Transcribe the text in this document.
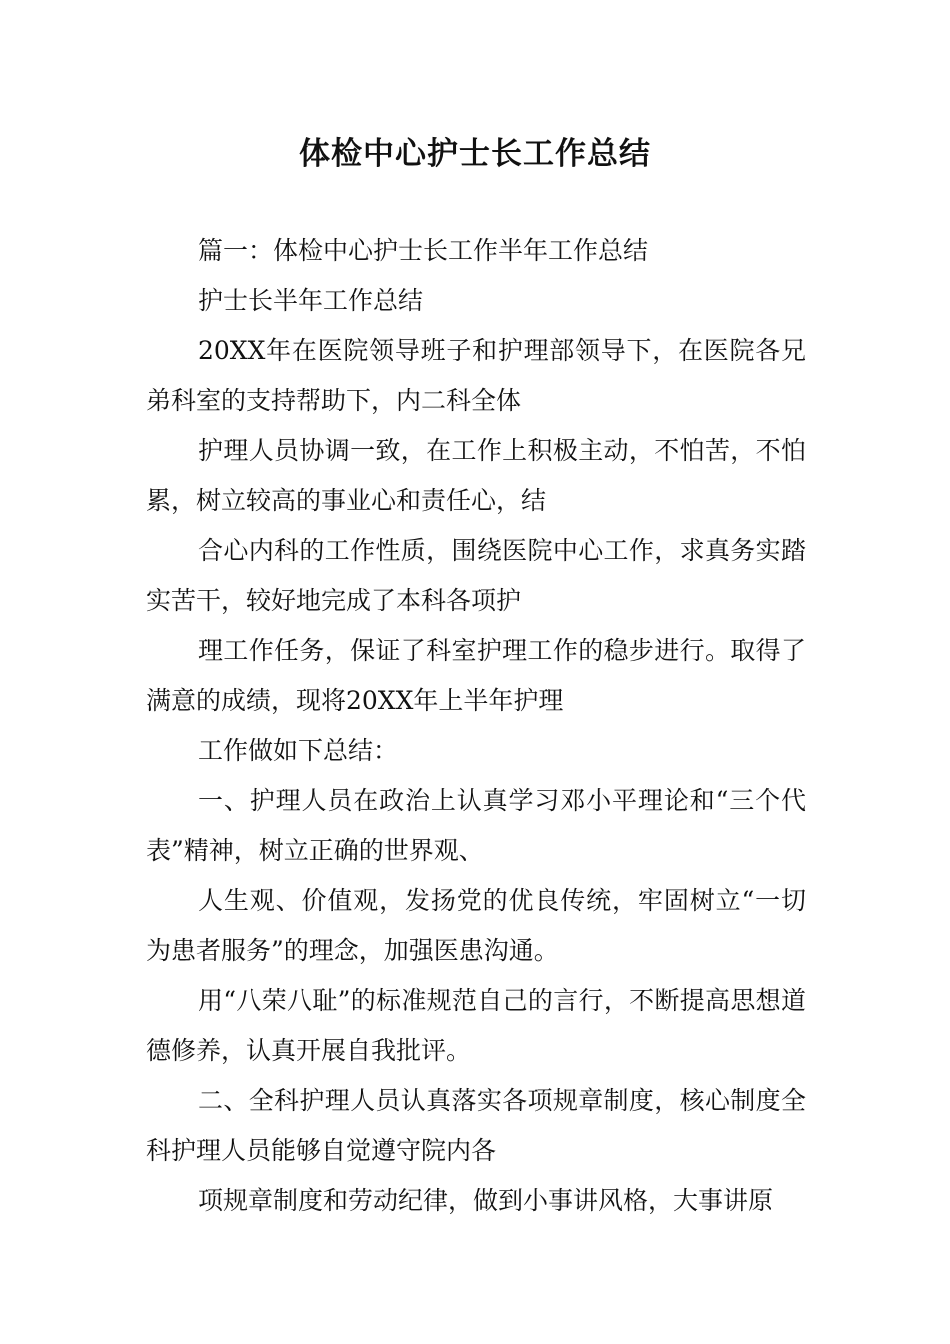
体检中心护士长工作总结

篇一：体检中心护士长工作半年工作总结

护士长半年工作总结

20XX年在医院领导班子和护理部领导下，在医院各兄弟科室的支持帮助下，内二科全体

护理人员协调一致，在工作上积极主动，不怕苦，不怕累，树立较高的事业心和责任心，结

合心内科的工作性质，围绕医院中心工作，求真务实踏实苦干，较好地完成了本科各项护

理工作任务，保证了科室护理工作的稳步进行。取得了满意的成绩，现将20XX年上半年护理

工作做如下总结：

一、护理人员在政治上认真学习邓小平理论和“三个代表”精神，树立正确的世界观、

人生观、价值观，发扬党的优良传统，牢固树立“一切为患者服务”的理念，加强医患沟通。

用“八荣八耻”的标准规范自己的言行，不断提高思想道德修养，认真开展自我批评。

二、全科护理人员认真落实各项规章制度，核心制度全科护理人员能够自觉遵守院内各

项规章制度和劳动纪律，做到小事讲风格，大事讲原
